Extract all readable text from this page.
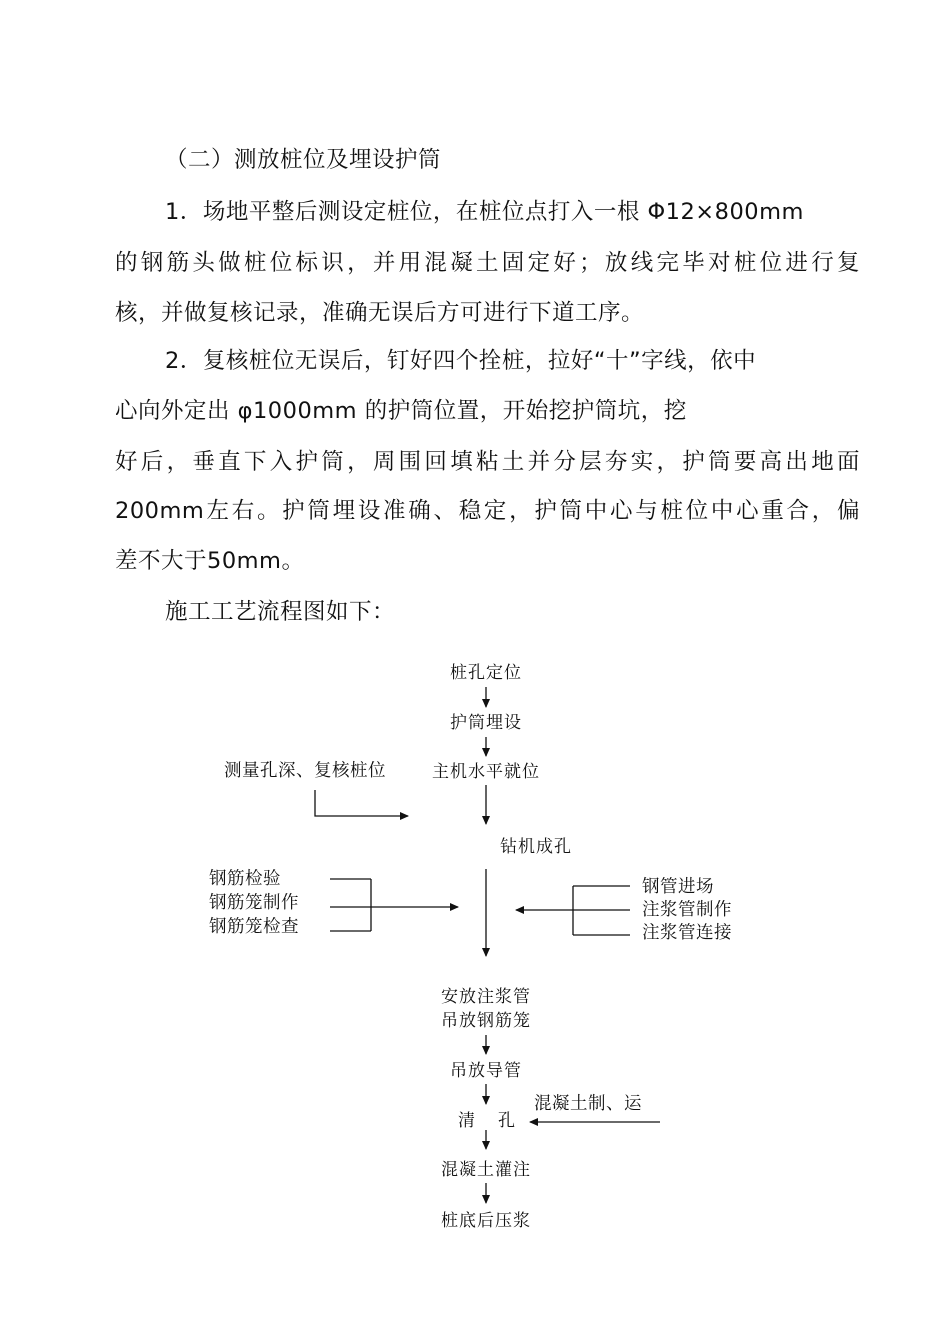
（二）测放桩位及埋设护筒
1．场地平整后测设定桩位，在桩位点打入一根 Φ12×800mm
的钢筋头做桩位标识，并用混凝土固定好；放线完毕对桩位进行复
核，并做复核记录，准确无误后方可进行下道工序。
2．复核桩位无误后，钉好四个拴桩，拉好“十”字线，依中
心向外定出 φ1000mm 的护筒位置，开始挖护筒坑，挖
好后，垂直下入护筒，周围回填粘土并分层夯实，护筒要高出地面
200mm左右。护筒埋设准确、稳定，护筒中心与桩位中心重合，偏
差不大于50mm。
施工工艺流程图如下：
桩孔定位
护筒埋设
主机水平就位
钻机成孔
安放注浆管
吊放钢筋笼
吊放导管
清 孔
混凝土灌注
桩底后压浆
测量孔深、复核桩位
钢筋检验
钢筋笼制作
钢筋笼检查
钢管进场
注浆管制作
注浆管连接
混凝土制、运
